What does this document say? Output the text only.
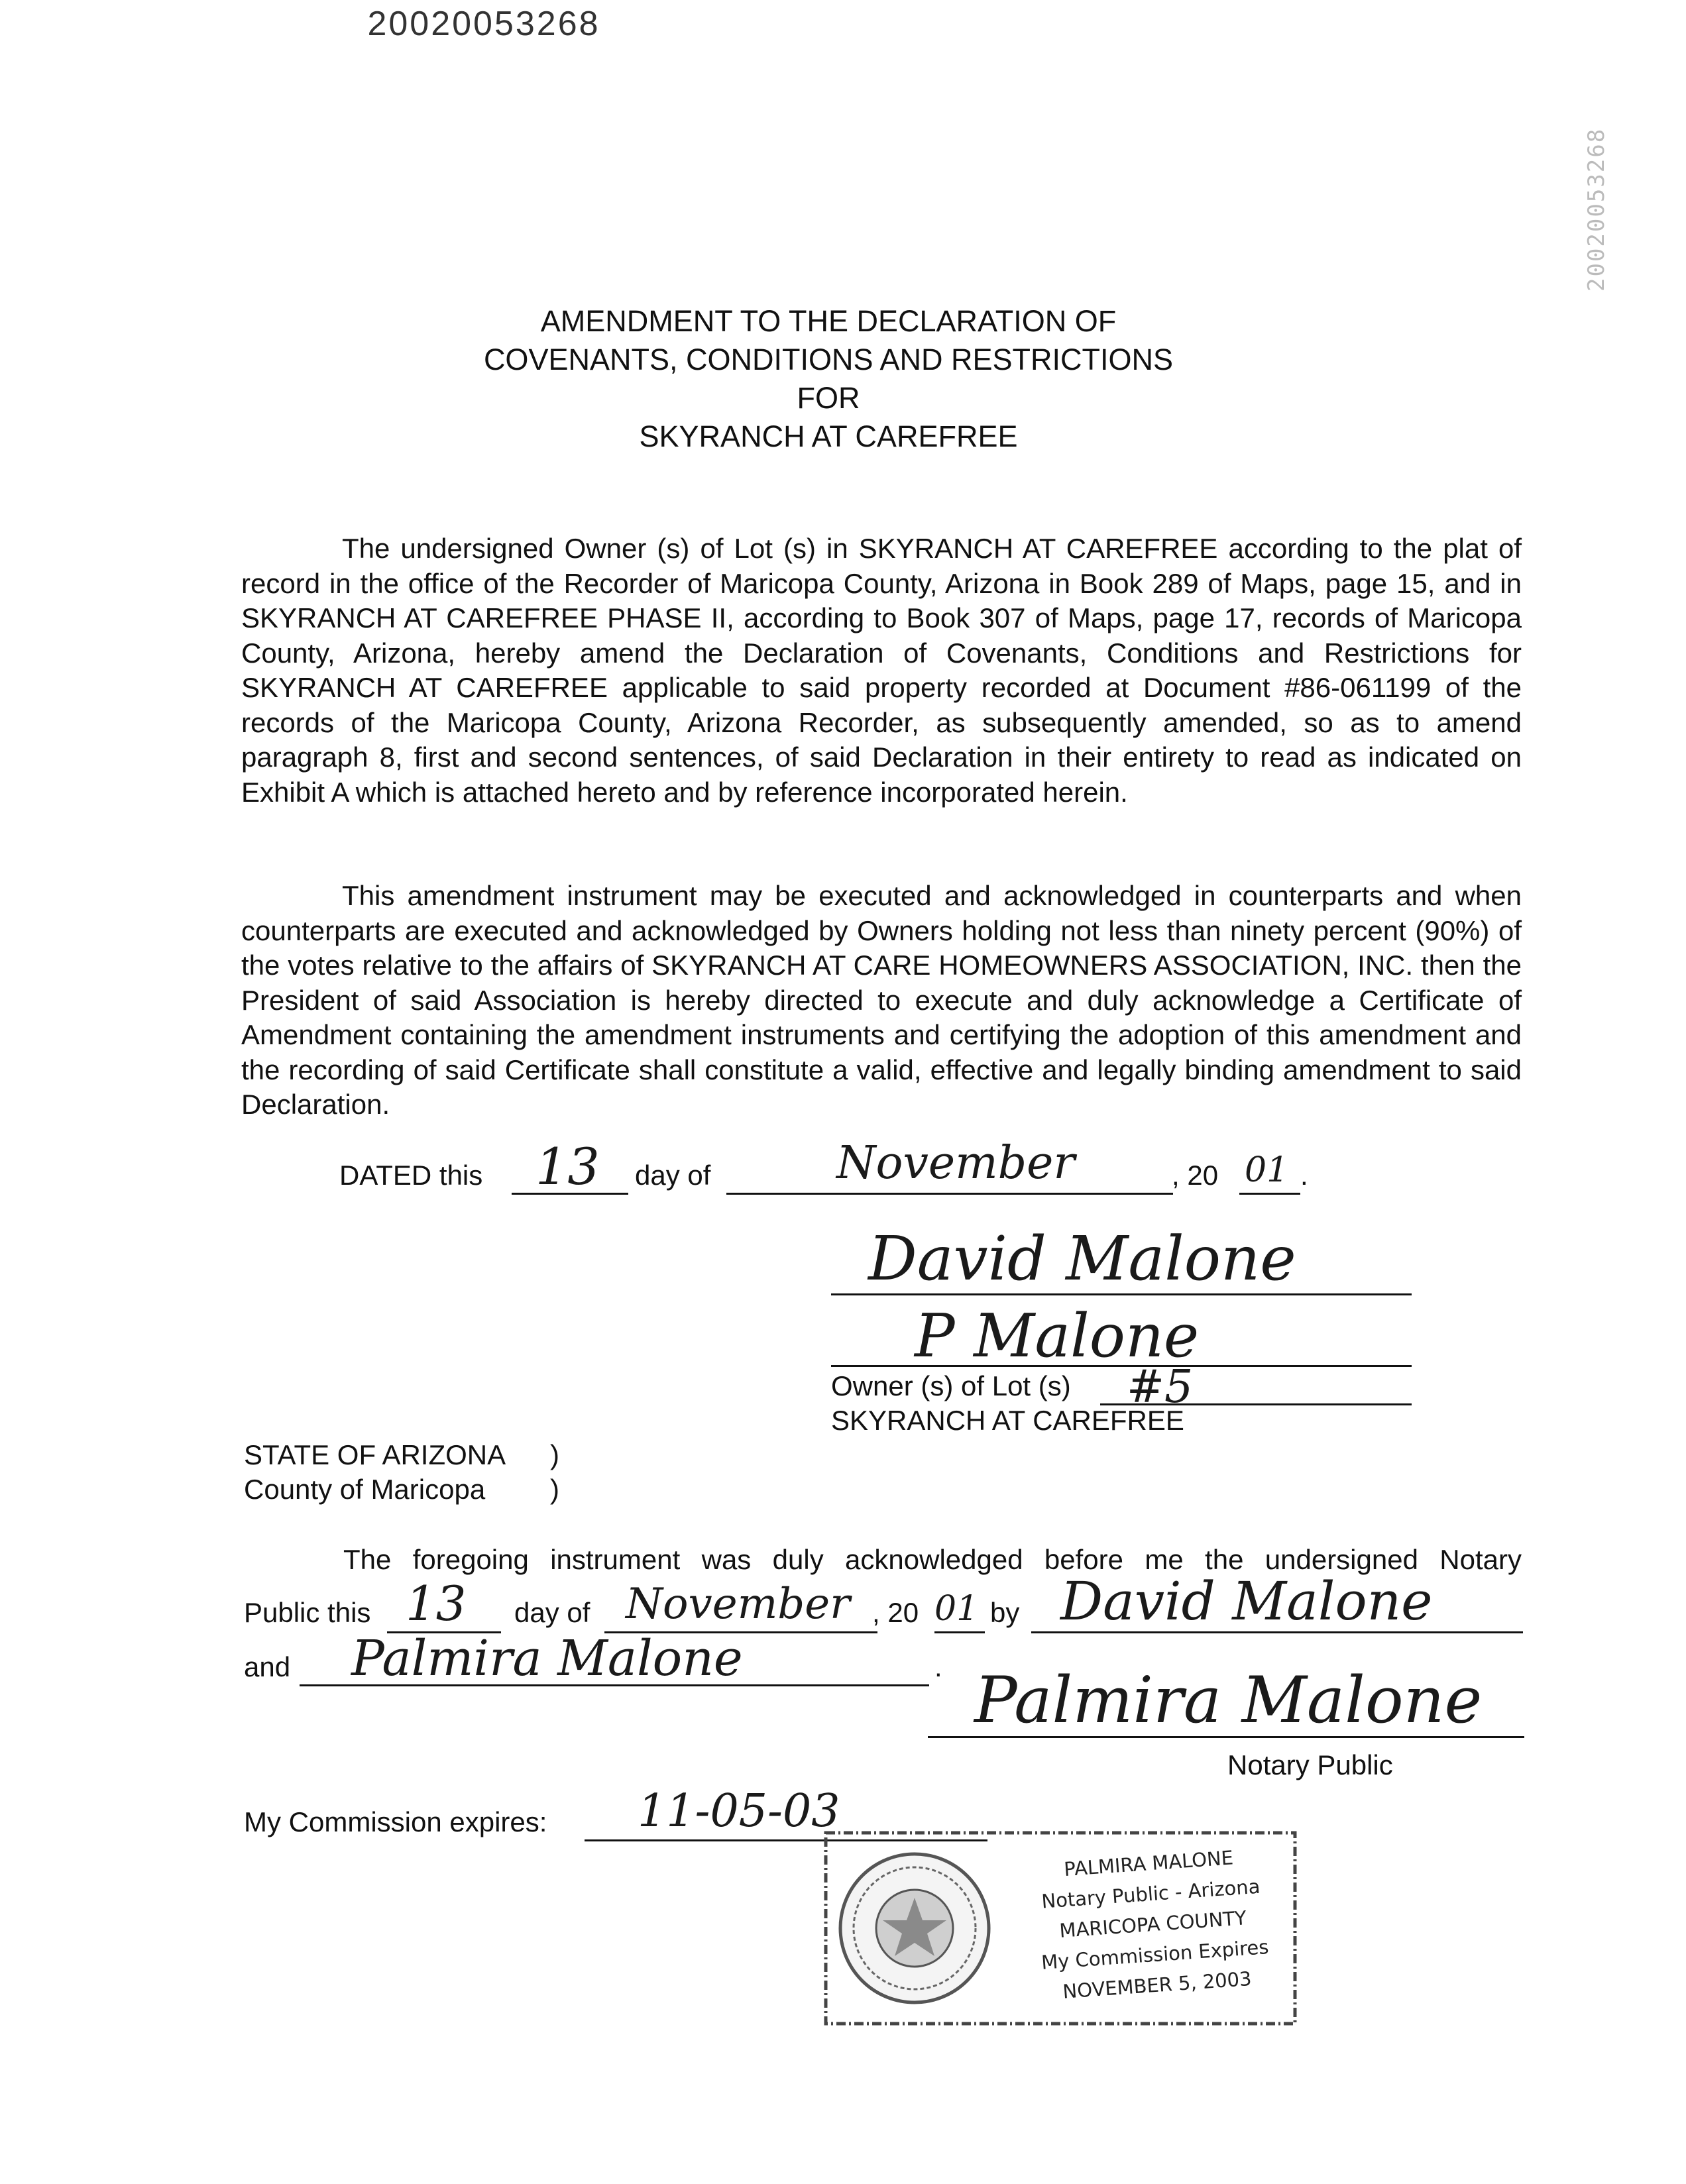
20020053268
20020053268
AMENDMENT TO THE DECLARATION OF
COVENANTS, CONDITIONS AND RESTRICTIONS
FOR
SKYRANCH AT CAREFREE
The undersigned Owner (s) of Lot (s) in SKYRANCH AT CAREFREE according to the plat of record in the office of the Recorder of Maricopa County, Arizona in Book 289 of Maps, page 15, and in SKYRANCH AT CAREFREE PHASE II, according to Book 307 of Maps, page 17, records of Maricopa County, Arizona, hereby amend the Declaration of Covenants, Conditions and Restrictions for SKYRANCH AT CAREFREE applicable to said property recorded at Document #86-061199 of the records of the Maricopa County, Arizona Recorder, as subsequently amended, so as to amend paragraph 8, first and second sentences, of said Declaration in their entirety to read as indicated on Exhibit A which is attached hereto and by reference incorporated herein.
This amendment instrument may be executed and acknowledged in counterparts and when counterparts are executed and acknowledged by Owners holding not less than ninety percent (90%) of the votes relative to the affairs of SKYRANCH AT CARE HOMEOWNERS ASSOCIATION, INC. then the President of said Association is hereby directed to execute and duly acknowledge a Certificate of Amendment containing the amendment instruments and certifying the adoption of this amendment and the recording of said Certificate shall constitute a valid, effective and legally binding amendment to said Declaration.
DATED this 13 day of	November	, 20 01 .
David Malone
P Malone
Owner (s) of Lot (s) #5
SKYRANCH AT CAREFREE
STATE OF ARIZONA )
County of Maricopa )
The foregoing instrument was duly acknowledged before me the undersigned Notary
Public this 13 day of November , 20 01 by David Malone
and Palmira Malone	. Palmira Malone
Notary Public
My Commission expires: 11-05-03
PALMIRA MALONE
Notary Public - Arizona
MARICOPA COUNTY
My Commission Expires
NOVEMBER 5, 2003
